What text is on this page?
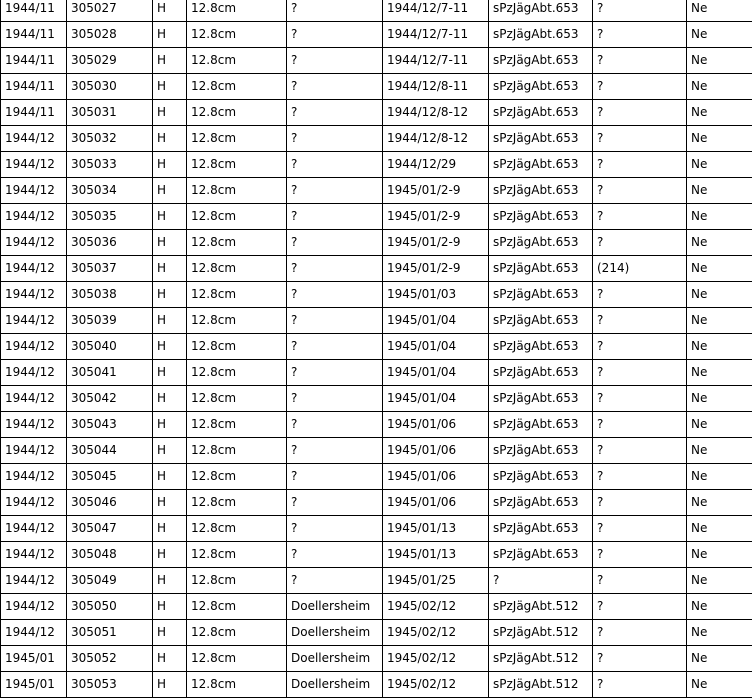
1944/11	305027	H	12.8cm	?	1944/12/7-11	sPzJägAbt.653	?	Ne
1944/11	305028	H	12.8cm	?	1944/12/7-11	sPzJägAbt.653	?	Ne
1944/11	305029	H	12.8cm	?	1944/12/7-11	sPzJägAbt.653	?	Ne
1944/11	305030	H	12.8cm	?	1944/12/8-11	sPzJägAbt.653	?	Ne
1944/11	305031	H	12.8cm	?	1944/12/8-12	sPzJägAbt.653	?	Ne
1944/12	305032	H	12.8cm	?	1944/12/8-12	sPzJägAbt.653	?	Ne
1944/12	305033	H	12.8cm	?	1944/12/29	sPzJägAbt.653	?	Ne
1944/12	305034	H	12.8cm	?	1945/01/2-9	sPzJägAbt.653	?	Ne
1944/12	305035	H	12.8cm	?	1945/01/2-9	sPzJägAbt.653	?	Ne
1944/12	305036	H	12.8cm	?	1945/01/2-9	sPzJägAbt.653	?	Ne
1944/12	305037	H	12.8cm	?	1945/01/2-9	sPzJägAbt.653	(214)	Ne
1944/12	305038	H	12.8cm	?	1945/01/03	sPzJägAbt.653	?	Ne
1944/12	305039	H	12.8cm	?	1945/01/04	sPzJägAbt.653	?	Ne
1944/12	305040	H	12.8cm	?	1945/01/04	sPzJägAbt.653	?	Ne
1944/12	305041	H	12.8cm	?	1945/01/04	sPzJägAbt.653	?	Ne
1944/12	305042	H	12.8cm	?	1945/01/04	sPzJägAbt.653	?	Ne
1944/12	305043	H	12.8cm	?	1945/01/06	sPzJägAbt.653	?	Ne
1944/12	305044	H	12.8cm	?	1945/01/06	sPzJägAbt.653	?	Ne
1944/12	305045	H	12.8cm	?	1945/01/06	sPzJägAbt.653	?	Ne
1944/12	305046	H	12.8cm	?	1945/01/06	sPzJägAbt.653	?	Ne
1944/12	305047	H	12.8cm	?	1945/01/13	sPzJägAbt.653	?	Ne
1944/12	305048	H	12.8cm	?	1945/01/13	sPzJägAbt.653	?	Ne
1944/12	305049	H	12.8cm	?	1945/01/25	?	?	Ne
1944/12	305050	H	12.8cm	Doellersheim	1945/02/12	sPzJägAbt.512	?	Ne
1944/12	305051	H	12.8cm	Doellersheim	1945/02/12	sPzJägAbt.512	?	Ne
1945/01	305052	H	12.8cm	Doellersheim	1945/02/12	sPzJägAbt.512	?	Ne
1945/01	305053	H	12.8cm	Doellersheim	1945/02/12	sPzJägAbt.512	?	Ne
